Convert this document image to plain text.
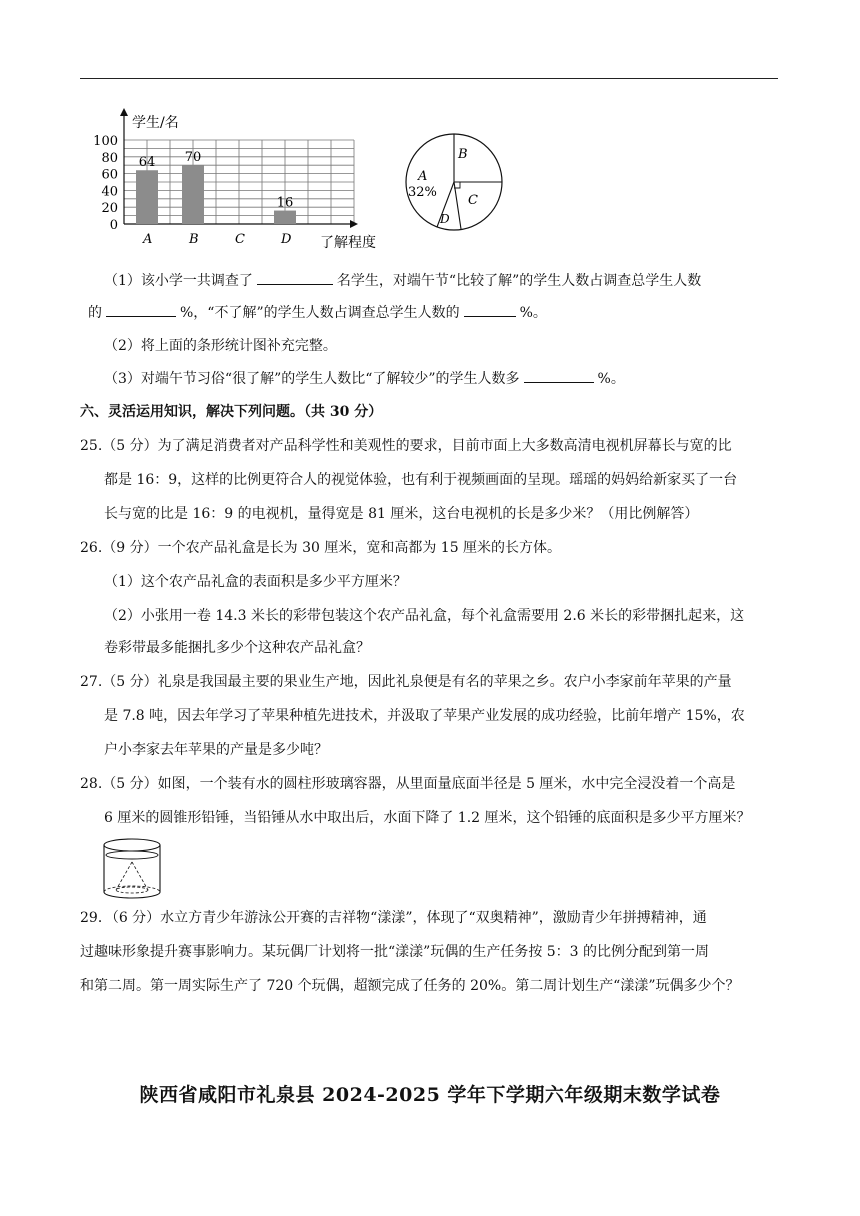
学生/名
了解程度
100
80
60
40
20
0
64 70
16
A	B	C	D
A
32%
B
C
D
（1）该小学一共调查了	名学生，对端午节“比较了解”的学生人数占调查总学生人数
的	%，“不了解”的学生人数占调查总学生人数的	%。
（2）将上面的条形统计图补充完整。
（3）对端午节习俗“很了解”的学生人数比“了解较少”的学生人数多	%。
六、灵活运用知识，解决下列问题。（共 30 分）
25.（5 分）为了满足消费者对产品科学性和美观性的要求，目前市面上大多数高清电视机屏幕长与宽的比
都是 16：9，这样的比例更符合人的视觉体验，也有利于视频画面的呈现。瑶瑶的妈妈给新家买了一台
长与宽的比是 16：9 的电视机，量得宽是 81 厘米，这台电视机的长是多少米？（用比例解答）
26.（9 分）一个农产品礼盒是长为 30 厘米，宽和高都为 15 厘米的长方体。
（1）这个农产品礼盒的表面积是多少平方厘米？
（2）小张用一卷 14.3 米长的彩带包装这个农产品礼盒，每个礼盒需要用 2.6 米长的彩带捆扎起来，这
卷彩带最多能捆扎多少个这种农产品礼盒？
27.（5 分）礼泉是我国最主要的果业生产地，因此礼泉便是有名的苹果之乡。农户小李家前年苹果的产量
是 7.8 吨，因去年学习了苹果种植先进技术，并汲取了苹果产业发展的成功经验，比前年增产 15%，农
户小李家去年苹果的产量是多少吨？
28.（5 分）如图，一个装有水的圆柱形玻璃容器，从里面量底面半径是 5 厘米，水中完全浸没着一个高是
6 厘米的圆锥形铅锤，当铅锤从水中取出后，水面下降了 1.2 厘米，这个铅锤的底面积是多少平方厘米？
29．（6 分）水立方青少年游泳公开赛的吉祥物“漾漾”，体现了“双奥精神”，激励青少年拼搏精神，通
过趣味形象提升赛事影响力。某玩偶厂计划将一批“漾漾”玩偶的生产任务按 5：3 的比例分配到第一周
和第二周。第一周实际生产了 720 个玩偶，超额完成了任务的 20%。第二周计划生产“漾漾”玩偶多少个？
陕西省咸阳市礼泉县 2024-2025 学年下学期六年级期末数学试卷
